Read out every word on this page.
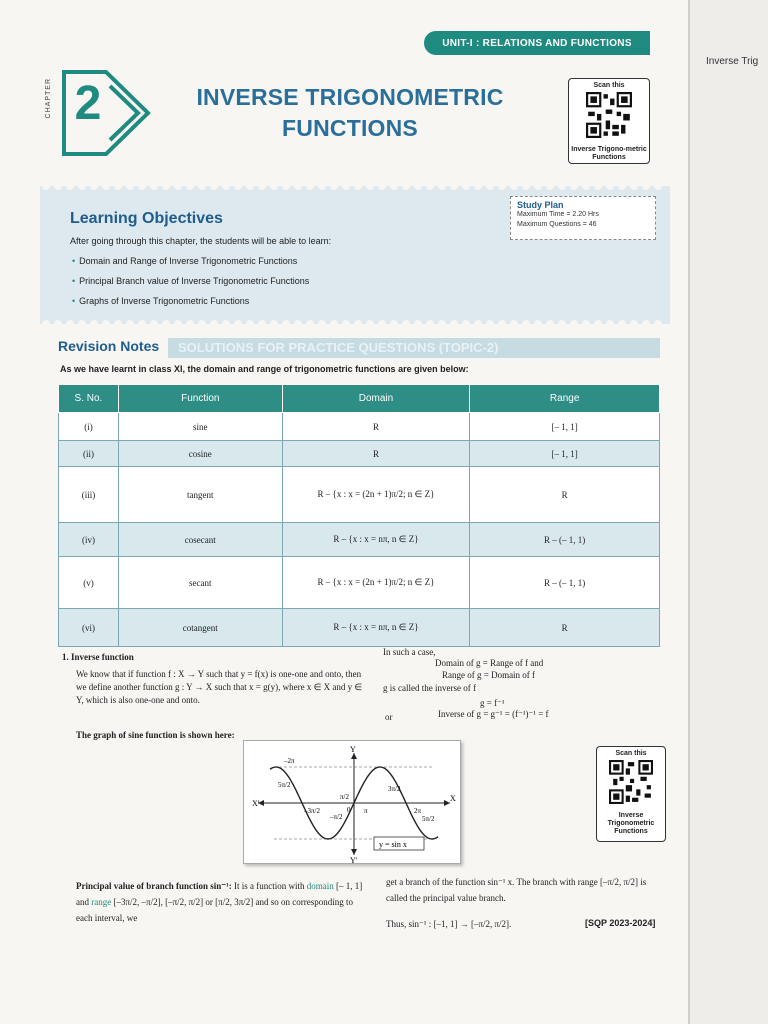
UNIT-I : RELATIONS AND FUNCTIONS
CHAPTER 2	INVERSE TRIGONOMETRIC
FUNCTIONS
Scan this
Inverse Trigono-metric Functions
Learning Objectives
After going through this chapter, the students will be able to learn:
• Domain and Range of Inverse Trigonometric Functions
• Principal Branch value of Inverse Trigonometric Functions
• Graphs of Inverse Trigonometric Functions
Study Plan
Maximum Time = 2.20 Hrs
Maximum Questions = 46
SOLUTIONS FOR PRACTICE QUESTIONS (TOPIC-2)
Revision Notes
As we have learnt in class XI, the domain and range of trigonometric functions are given below:
S. No.	Function	Domain	Range
(i)	sine	R	[– 1, 1]
(ii)	cosine	R	[– 1, 1]
(iii)	tangent	R – {x : x = (2n + 1)π/2; n ∈ Z}	R
(iv)	cosecant	R – {x : x = nπ, n ∈ Z}	R – (– 1, 1)
(v)	secant	R – {x : x = (2n + 1)π/2; n ∈ Z}	R – (– 1, 1)
(vi)	cotangent	R – {x : x = nπ, n ∈ Z}	R
1. Inverse function
We know that if function f : X → Y such that y = f(x) is one-one and onto, then we define another function g : Y → X such that x = g(y), where x ∈ X and y ∈ Y, which is also one-one and onto.
The graph of sine function is shown here:
In such a case,
Domain of g = Range of f and
Range of g = Domain of f
g is called the inverse of f
g = f⁻¹
or	Inverse of g = g⁻¹ = (f⁻¹)⁻¹ = f
X'
X
Y
Y'
0
–2π
5π/2
–3π/2
–π/2
π/2
π
3π/2
2π
5π/2
y = sin x
Scan this
Inverse Trigonometric Functions
Principal value of branch function sin⁻¹: It is a function with domain [– 1, 1] and range [–3π/2, –π/2], [–π/2, π/2] or [π/2, 3π/2] and so on corresponding to each interval, we
get a branch of the function sin⁻¹ x. The branch with range [–π/2, π/2] is called the principal value branch.
Thus, sin⁻¹ : [–1, 1] → [–π/2, π/2].	[SQP 2023-2024]
Inverse Trig
